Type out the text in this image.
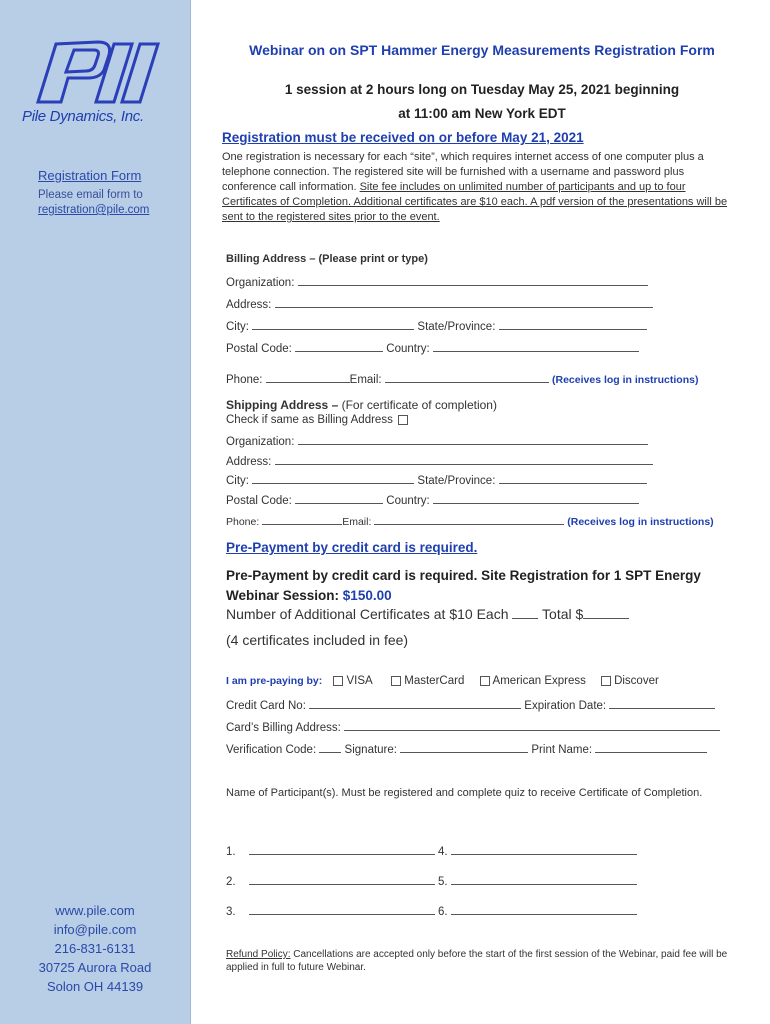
Pile Dynamics, Inc.
Registration Form
Please email form to
registration@pile.com
www.pile.com
info@pile.com
216-831-6131
30725 Aurora Road
Solon OH 44139
Webinar on on SPT Hammer Energy Measurements Registration Form
1 session at 2 hours long on Tuesday May 25, 2021 beginning
at 11:00 am New York EDT
Registration must be received on or before May 21, 2021
One registration is necessary for each “site”, which requires internet access of one computer plus a telephone connection. The registered site will be furnished with a username and password plus conference call information. Site fee includes on unlimited number of participants and up to four Certificates of Completion. Additional certificates are $10 each. A pdf version of the presentations will be sent to the registered sites prior to the event.
Billing Address – (Please print or type)
Organization:
Address:
City:	State/Province:
Postal Code:	Country:
Phone:	Email:	(Receives log in instructions)
Shipping Address – (For certificate of completion)
Check if same as Billing Address
Organization:
Address:
City:	State/Province:
Postal Code:	Country:
Phone:	Email:	(Receives log in instructions)
Pre-Payment by credit card is required.
Pre-Payment by credit card is required. Site Registration for 1 SPT Energy Webinar Session: $150.00
Number of Additional Certificates at $10 Each Total $
(4 certificates included in fee)
I am pre-paying by: VISA	MasterCard American Express Discover
Credit Card No:	Expiration Date:
Card’s Billing Address:
Verification Code: Signature:	Print Name:
Name of Participant(s). Must be registered and complete quiz to receive Certificate of Completion.
1.	4.
2.	5.
3.	6.
Refund Policy: Cancellations are accepted only before the start of the first session of the Webinar, paid fee will be applied in full to future Webinar.
